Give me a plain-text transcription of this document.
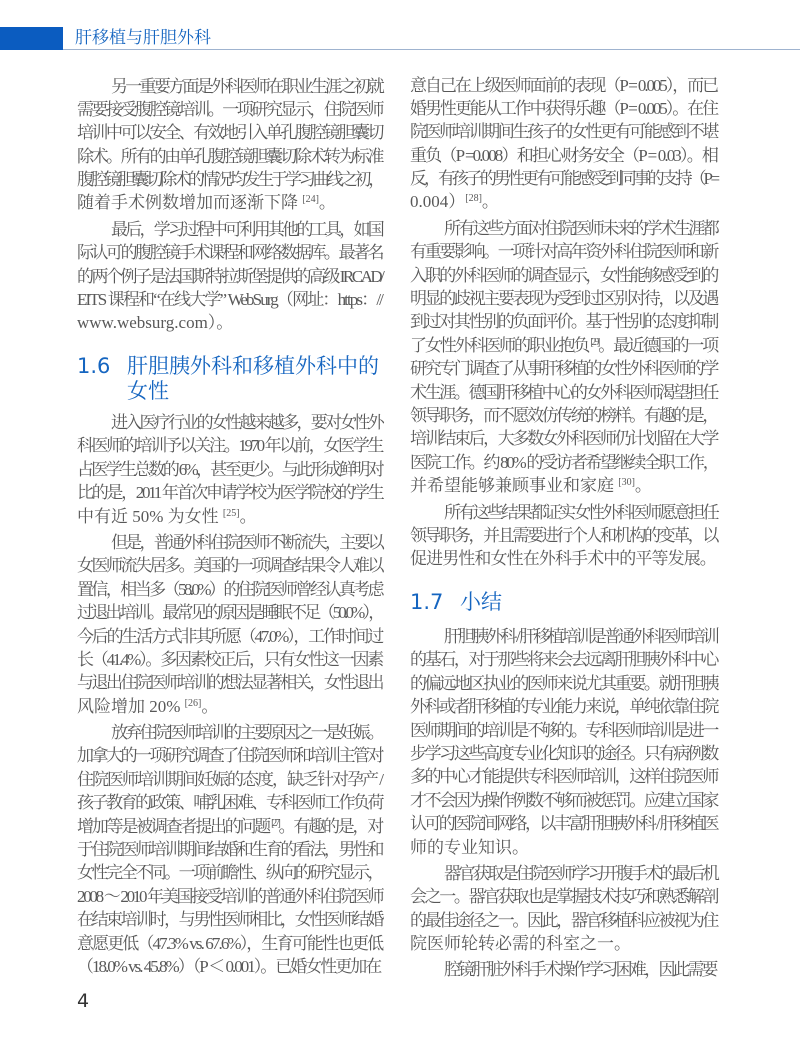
肝移植与肝胆外科
另一重要方面是外科医师在职业生涯之初就
需要接受腹腔镜培训。一项研究显示，住院医师
培训中可以安全、有效地引入单孔腹腔镜胆囊切
除术。所有的由单孔腹腔镜胆囊切除术转为标准
腹腔镜胆囊切除术的情况均发生于学习曲线之初，
随着手术例数增加而逐渐下降 [24]。
最后，学习过程中可利用其他的工具，如国
际认可的腹腔镜手术课程和网络数据库。最著名
的两个例子是法国斯特拉斯堡提供的高级 IRCAD/
EITS 课程和“在线大学” WebSurg（网址：https：//
www.websurg.com）。
1.6 肝胆胰外科和移植外科中的
女性
进入医疗行业的女性越来越多，要对女性外
科医师的培训予以关注。1970 年以前，女医学生
占医学生总数的 6%，甚至更少。与此形成鲜明对
比的是，2011 年首次申请学校为医学院校的学生
中有近 50% 为女性 [25]。
但是，普通外科住院医师不断流失，主要以
女医师流失居多。美国的一项调查结果令人难以
置信，相当多（58.0%）的住院医师曾经认真考虑
过退出培训。最常见的原因是睡眠不足（50.0%），
今后的生活方式非其所愿（47.0%），工作时间过
长（41.4%）。多因素校正后，只有女性这一因素
与退出住院医师培训的想法显著相关，女性退出
风险增加 20% [26]。
放弃住院医师培训的主要原因之一是妊娠。
加拿大的一项研究调查了住院医师和培训主管对
住院医师培训期间妊娠的态度，缺乏针对孕产 /
孩子教育的政策、哺乳困难、专科医师工作负荷
增加等是被调查者提出的问题 [27]。有趣的是，对
于住院医师培训期间结婚和生育的看法，男性和
女性完全不同。一项前瞻性、纵向的研究显示，
2008 ～ 2010 年美国接受培训的普通外科住院医师
在结束培训时，与男性医师相比，女性医师结婚
意愿更低（47.3% vs. 67.6%），生育可能性也更低
（18.0% vs. 45.8%）（P ＜ 0.001）。已婚女性更加在
意自己在上级医师面前的表现（P = 0.005），而已
婚男性更能从工作中获得乐趣（P = 0.005）。在住
院医师培训期间生孩子的女性更有可能感到不堪
重负（P =0.008）和担心财务安全（P = 0.03）。相
反，有孩子的男性更有可能感受到同事的支持（P =
0.004）[28]。
所有这些方面对住院医师未来的学术生涯都
有重要影响。一项针对高年资外科住院医师和新
入职的外科医师的调查显示，女性能够感受到的
明显的歧视主要表现为受到过区别对待，以及遇
到过对其性别的负面评价。基于性别的态度抑制
了女性外科医师的职业抱负 [29]。最近德国的一项
研究专门调查了从事肝移植的女性外科医师的学
术生涯。德国肝移植中心的女外科医师渴望担任
领导职务，而不愿效仿传统的榜样。有趣的是，
培训结束后，大多数女外科医师仍计划留在大学
医院工作。约 80% 的受访者希望继续全职工作，
并希望能够兼顾事业和家庭 [30]。
所有这些结果都证实女性外科医师愿意担任
领导职务，并且需要进行个人和机构的变革，以
促进男性和女性在外科手术中的平等发展。
1.7 小结
肝胆胰外科 / 肝移植培训是普通外科医师培训
的基石，对于那些将来会去远离肝胆胰外科中心
的偏远地区执业的医师来说尤其重要。就肝胆胰
外科或者肝移植的专业能力来说，单纯依靠住院
医师期间的培训是不够的。专科医师培训是进一
步学习这些高度专业化知识的途径。只有病例数
多的中心才能提供专科医师培训，这样住院医师
才不会因为操作例数不够而被惩罚。应建立国家
认可的医院间网络，以丰富肝胆胰外科 / 肝移植医
师的专业知识。
器官获取是住院医师学习开腹手术的最后机
会之一。器官获取也是掌握技术技巧和熟悉解剖
的最佳途径之一。因此，器官移植科应被视为住
院医师轮转必需的科室之一。
腔镜肝脏外科手术操作学习困难，因此需要
4
